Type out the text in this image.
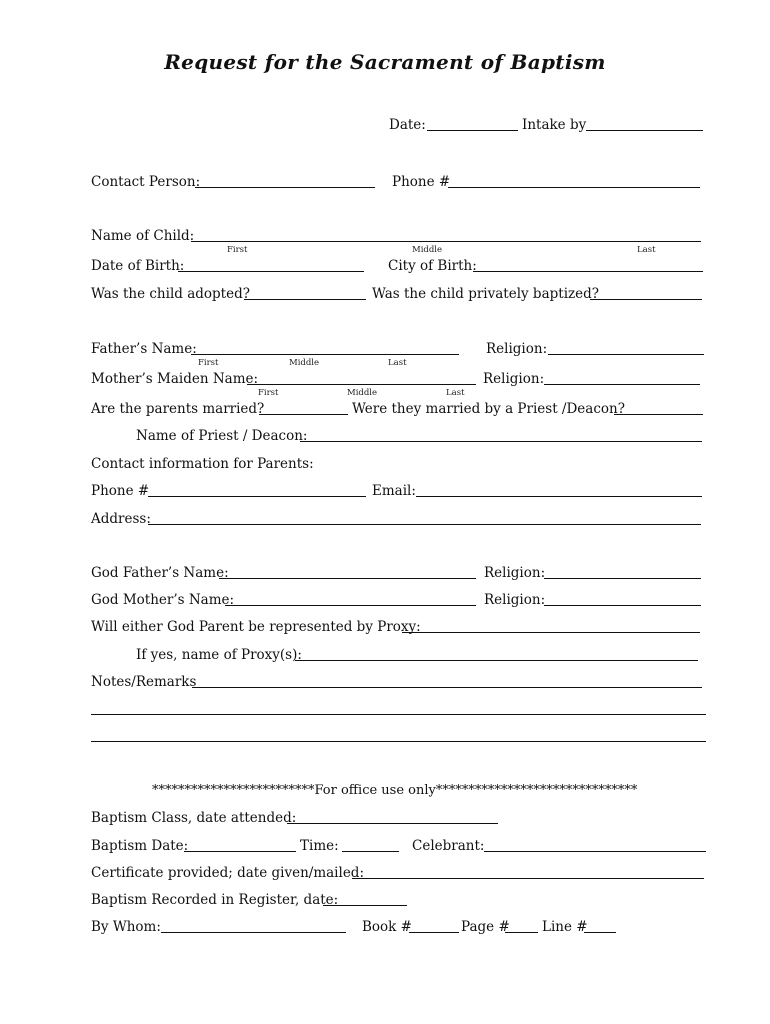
Request for the Sacrament of Baptism
Date:	Intake by
Contact Person:	Phone #
Name of Child:
First	Middle	Last
Date of Birth:	City of Birth:
Was the child adopted?	Was the child privately baptized?
Father’s Name:	Religion:
First	Middle	Last
Mother’s Maiden Name:	Religion:
First	Middle	Last
Are the parents married?	Were they married by a Priest /Deacon?
Name of Priest / Deacon:
Contact information for Parents:
Phone #	Email:
Address:
God Father’s Name:	Religion:
God Mother’s Name:	Religion:
Will either God Parent be represented by Proxy:
If yes, name of Proxy(s):
Notes/Remarks
*************************For office use only*******************************
Baptism Class, date attended:
Baptism Date:	Time:	Celebrant:
Certificate provided; date given/mailed:
Baptism Recorded in Register, date:
By Whom:	Book #	Page # Line #
